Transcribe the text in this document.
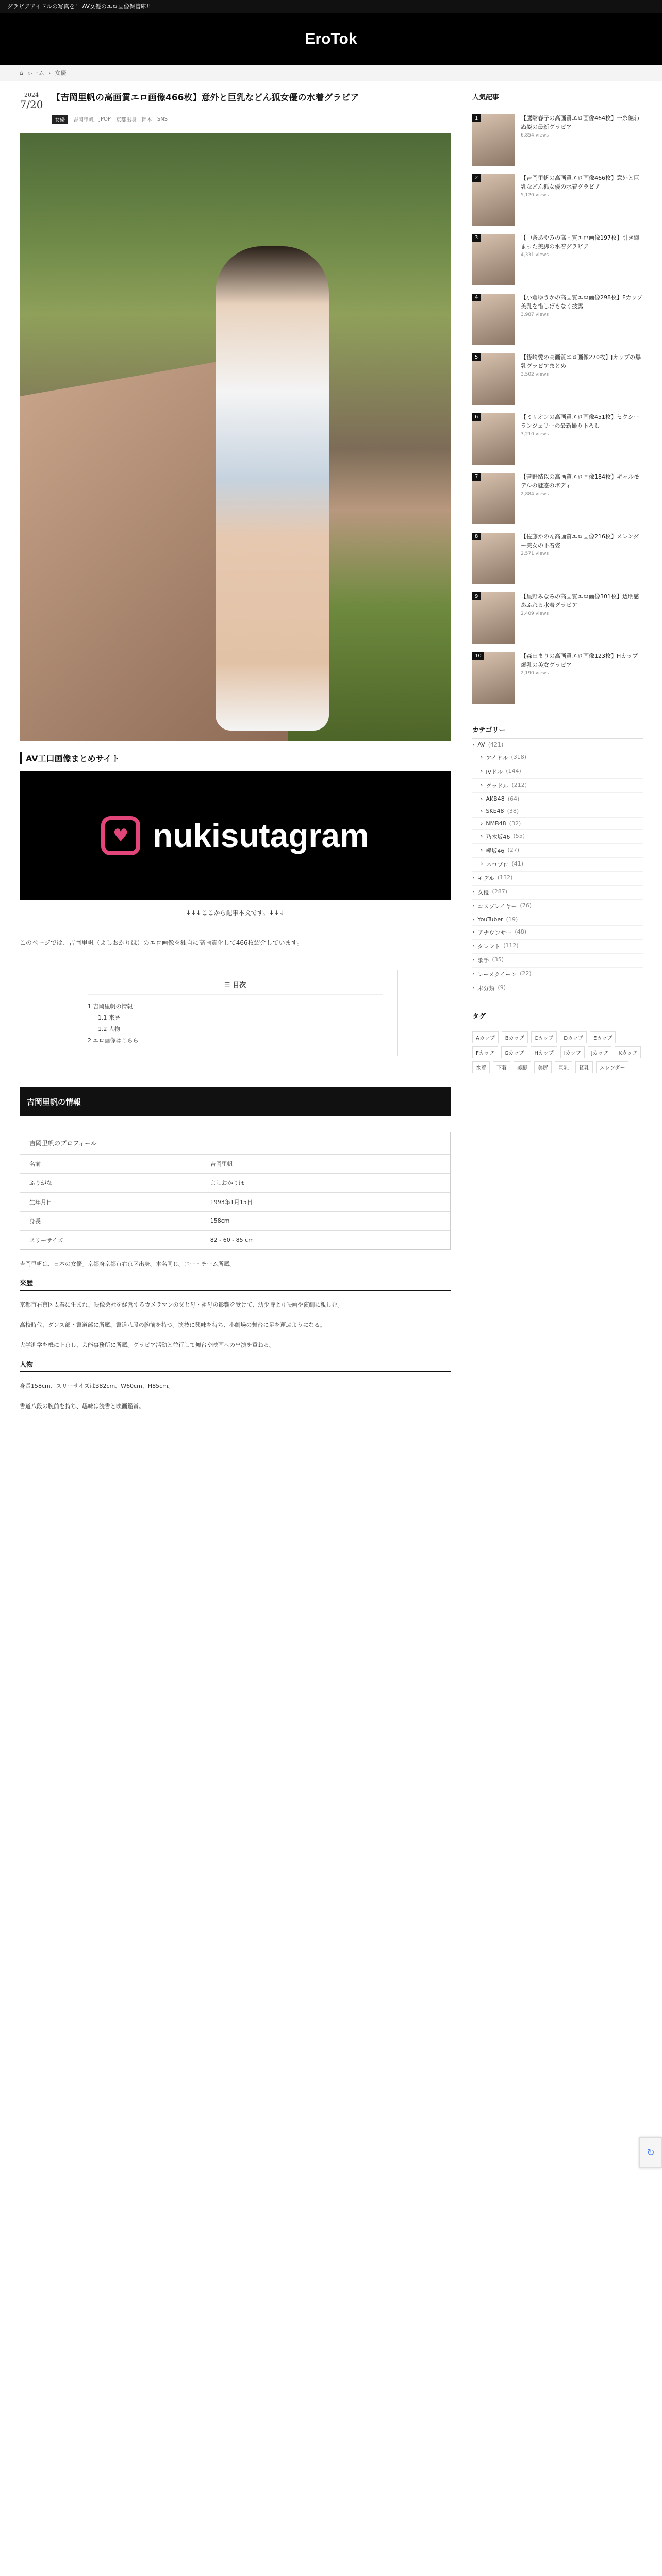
グラビアアイドルの写真を！ AV女優のエロ画像保管庫!!
EroTok
⌂ ホーム › 女優
2024
7/20
【吉岡里帆の高画質エロ画像466枚】意外と巨乳などん狐女優の水着グラビア
女優	吉岡里帆 JPOP 京都出身 岡本 SNS
AV工口画像まとめサイト
♥ nukisutagram
↓↓↓ここから記事本文です。↓↓↓

このページでは、吉岡里帆（よしおかりほ）のエロ画像を独自に高画質化して466枚紹介しています。

☰ 目次
1 吉岡里帆の情報
1.1 来歴
1.2 人物
2 エロ画像はこちら
吉岡里帆の情報
吉岡里帆のプロフィール
名前	吉岡里帆
ふりがな	よしおかりほ
生年月日	1993年1月15日
身長	158cm
スリーサイズ	82 - 60 - 85 cm

吉岡里帆は、日本の女優。京都府京都市右京区出身。本名同じ。エー・チーム所属。

来歴

京都市右京区太秦に生まれ、映像会社を経営するカメラマンの父と母・祖母の影響を受けて、幼少時より映画や演劇に親しむ。

高校時代、ダンス部・書道部に所属。書道八段の腕前を持つ。演技に興味を持ち、小劇場の舞台に足を運ぶようになる。

大学進学を機に上京し、芸能事務所に所属。グラビア活動と並行して舞台や映画への出演を重ねる。

人物

身長158cm、スリーサイズはB82cm、W60cm、H85cm。

書道八段の腕前を持ち、趣味は読書と映画鑑賞。

人気記事
1	【鷹嘴春子の高画質エロ画像464枚】一糸纏わぬ姿の最新グラビア
6,854 views
2	【吉岡里帆の高画質エロ画像466枚】意外と巨乳などん狐女優の水着グラビア
5,120 views
3	【中条あやみの高画質エロ画像197枚】引き締まった美脚の水着グラビア
4,331 views
4	【小倉ゆうかの高画質エロ画像298枚】Fカップ美乳を惜しげもなく披露
3,987 views
5	【篠崎愛の高画質エロ画像270枚】Jカップの爆乳グラビアまとめ
3,502 views
6	【ミリオンの高画質エロ画像451枚】セクシーランジェリーの最新撮り下ろし
3,210 views
7	【菅野結以の高画質エロ画像184枚】ギャルモデルの魅惑のボディ
2,884 views
8	【佐藤かのん高画質エロ画像216枚】スレンダー美女の下着姿
2,571 views
9	【星野みなみの高画質エロ画像301枚】透明感あふれる水着グラビア
2,409 views
10	【森田まりの高画質エロ画像123枚】Hカップ爆乳の美女グラビア
2,190 views
カテゴリー
› AV (421)
› アイドル (318)
› IVドル (144)
› グラドル (212)
› AKB48 (64)
› SKE48 (38)
› NMB48 (32)
› 乃木坂46 (55)
› 欅坂46 (27)
› ハロプロ (41)
› モデル (132)
› 女優 (287)
› コスプレイヤー (76)
› YouTuber (19)
› アナウンサー (48)
› タレント (112)
› 歌手 (35)
› レースクイーン (22)
› 未分類 (9)
タグ
Aカップ	Bカップ	Cカップ	Dカップ	Eカップ
Fカップ	Gカップ	Hカップ	Iカップ	Jカップ	Kカップ
水着	下着	美脚	美尻	巨乳	貧乳	スレンダー
↻
